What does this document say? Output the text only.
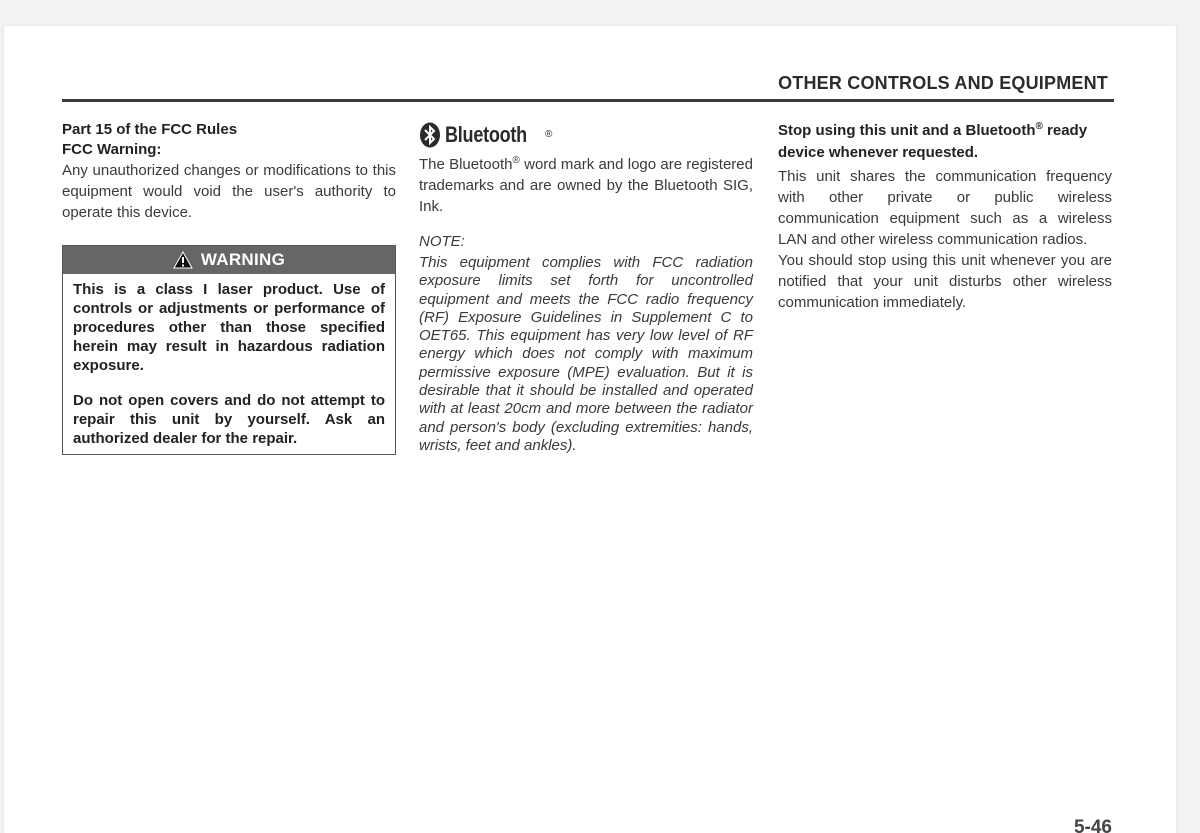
OTHER CONTROLS AND EQUIPMENT
Part 15 of the FCC Rules
FCC Warning:

Any unauthorized changes or modifications to this equipment would void the user's authority to operate this device.

WARNING

This is a class I laser product. Use of controls or adjustments or performance of procedures other than those specified herein may result in hazardous radiation exposure.

Do not open covers and do not attempt to repair this unit by yourself. Ask an authorized dealer for the repair.

Bluetooth ®

The Bluetooth® word mark and logo are registered trademarks and are owned by the Bluetooth SIG, Ink.

NOTE:

This equipment complies with FCC radiation exposure limits set forth for uncontrolled equipment and meets the FCC radio frequency (RF) Exposure Guidelines in Supplement C to OET65. This equipment has very low level of RF energy which does not comply with maximum permissive exposure (MPE) evaluation. But it is desirable that it should be installed and operated with at least 20cm and more between the radiator and person's body (excluding extremities: hands, wrists, feet and ankles).

Stop using this unit and a Bluetooth® ready device whenever requested.

This unit shares the communication frequency with other private or public wireless communication equipment such as a wireless LAN and other wireless communication radios.

You should stop using this unit whenever you are notified that your unit disturbs other wireless communication immediately.

5-46
